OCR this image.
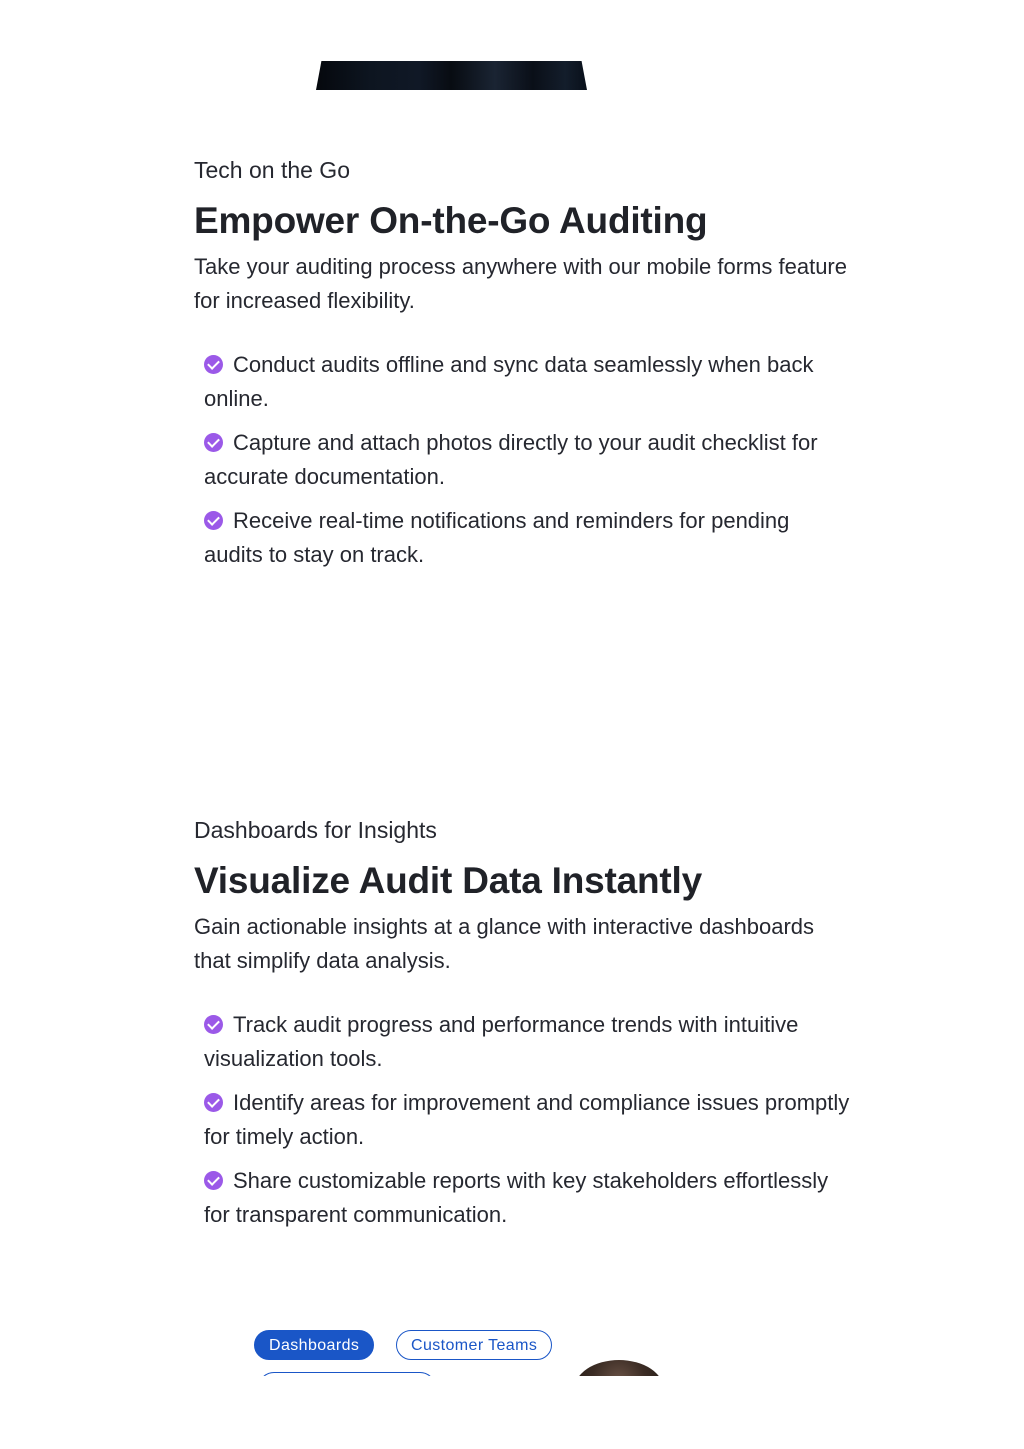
Tech on the Go

Empower On-the-Go Auditing

Take your auditing process anywhere with our mobile forms feature for increased flexibility.

Conduct audits offline and sync data seamlessly when back online.
Capture and attach photos directly to your audit checklist for accurate documentation.
Receive real-time notifications and reminders for pending audits to stay on track.

Dashboards for Insights

Visualize Audit Data Instantly

Gain actionable insights at a glance with interactive dashboards that simplify data analysis.

Track audit progress and performance trends with intuitive visualization tools.
Identify areas for improvement and compliance issues promptly for timely action.
Share customizable reports with key stakeholders effortlessly for transparent communication.
Dashboards	Customer Teams
